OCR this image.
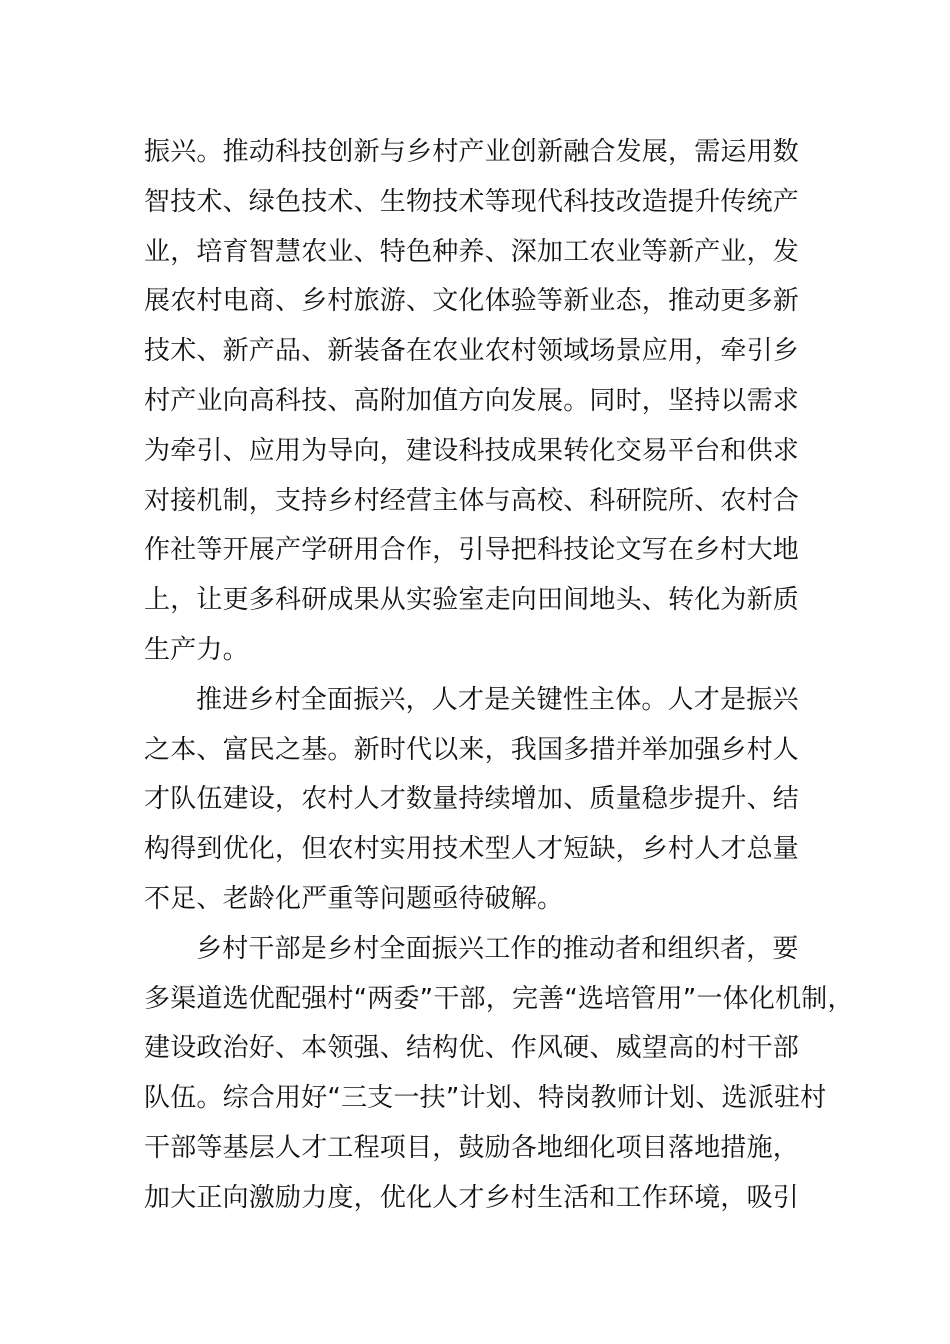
振兴。推动科技创新与乡村产业创新融合发展，需运用数
智技术、绿色技术、生物技术等现代科技改造提升传统产
业，培育智慧农业、特色种养、深加工农业等新产业，发
展农村电商、乡村旅游、文化体验等新业态，推动更多新
技术、新产品、新装备在农业农村领域场景应用，牵引乡
村产业向高科技、高附加值方向发展。同时，坚持以需求
为牵引、应用为导向，建设科技成果转化交易平台和供求
对接机制，支持乡村经营主体与高校、科研院所、农村合
作社等开展产学研用合作，引导把科技论文写在乡村大地
上，让更多科研成果从实验室走向田间地头、转化为新质
生产力。
推进乡村全面振兴，人才是关键性主体。人才是振兴
之本、富民之基。新时代以来，我国多措并举加强乡村人
才队伍建设，农村人才数量持续增加、质量稳步提升、结
构得到优化，但农村实用技术型人才短缺，乡村人才总量
不足、老龄化严重等问题亟待破解。
乡村干部是乡村全面振兴工作的推动者和组织者，要
多渠道选优配强村“两委”干部，完善“选培管用”一体化机制，
建设政治好、本领强、结构优、作风硬、威望高的村干部
队伍。综合用好“三支一扶”计划、特岗教师计划、选派驻村
干部等基层人才工程项目，鼓励各地细化项目落地措施，
加大正向激励力度，优化人才乡村生活和工作环境，吸引
